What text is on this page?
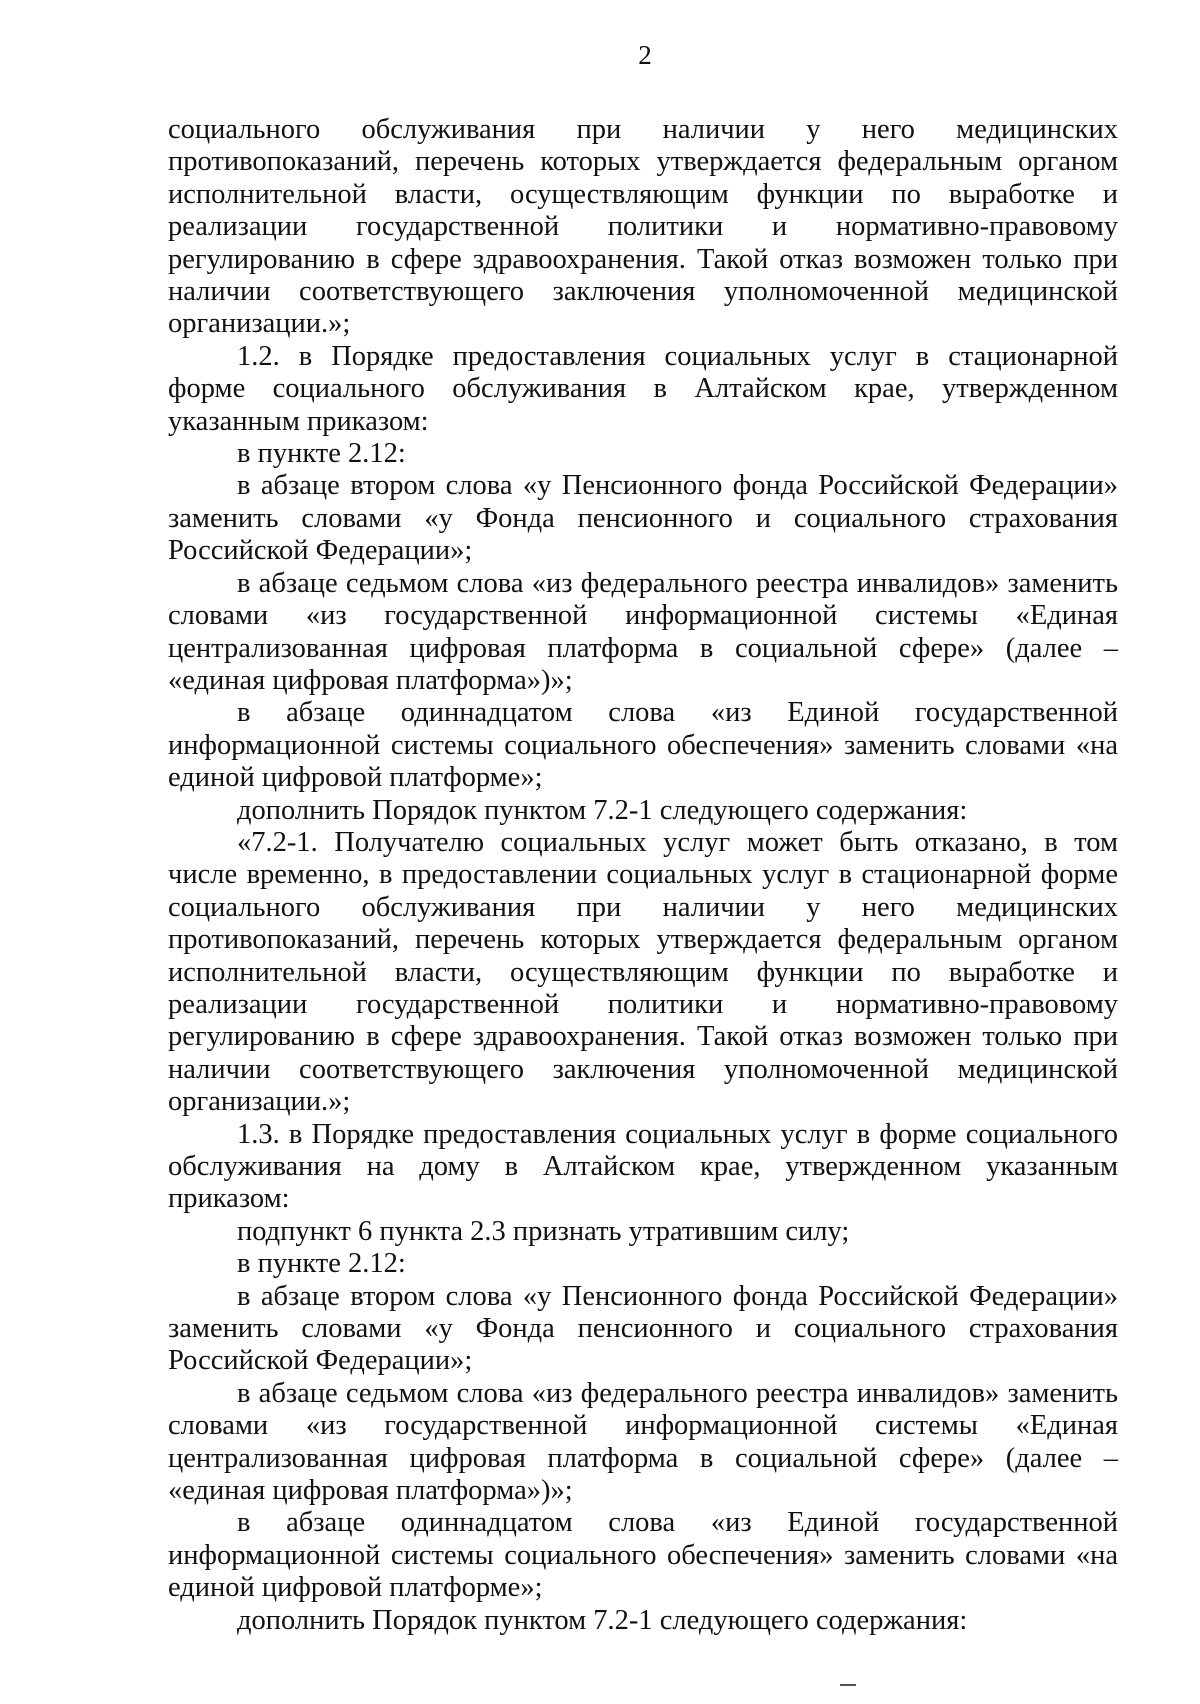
2

социального обслуживания при наличии у него медицинских противопоказаний, перечень которых утверждается федеральным органом исполнительной власти, осуществляющим функции по выработке и реализации государственной политики и нормативно-правовому регулированию в сфере здравоохранения. Такой отказ возможен только при наличии соответствующего заключения уполномоченной медицинской организации.»;

1.2. в Порядке предоставления социальных услуг в стационарной форме социального обслуживания в Алтайском крае, утвержденном указанным приказом:

в пункте 2.12:

в абзаце втором слова «у Пенсионного фонда Российской Федерации» заменить словами «у Фонда пенсионного и социального страхования Российской Федерации»;

в абзаце седьмом слова «из федерального реестра инвалидов» заменить словами «из государственной информационной системы «Единая централизованная цифровая платформа в социальной сфере» (далее – «единая цифровая платформа»)»;

в абзаце одиннадцатом слова «из Единой государственной информационной системы социального обеспечения» заменить словами «на единой цифровой платформе»;

дополнить Порядок пунктом 7.2-1 следующего содержания:

«7.2-1. Получателю социальных услуг может быть отказано, в том числе временно, в предоставлении социальных услуг в стационарной форме социального обслуживания при наличии у него медицинских противопоказаний, перечень которых утверждается федеральным органом исполнительной власти, осуществляющим функции по выработке и реализации государственной политики и нормативно-правовому регулированию в сфере здравоохранения. Такой отказ возможен только при наличии соответствующего заключения уполномоченной медицинской организации.»;

1.3. в Порядке предоставления социальных услуг в форме социального обслуживания на дому в Алтайском крае, утвержденном указанным приказом:

подпункт 6 пункта 2.3 признать утратившим силу;

в пункте 2.12:

в абзаце втором слова «у Пенсионного фонда Российской Федерации» заменить словами «у Фонда пенсионного и социального страхования Российской Федерации»;

в абзаце седьмом слова «из федерального реестра инвалидов» заменить словами «из государственной информационной системы «Единая централизованная цифровая платформа в социальной сфере» (далее – «единая цифровая платформа»)»;

в абзаце одиннадцатом слова «из Единой государственной информационной системы социального обеспечения» заменить словами «на единой цифровой платформе»;

дополнить Порядок пунктом 7.2-1 следующего содержания:
